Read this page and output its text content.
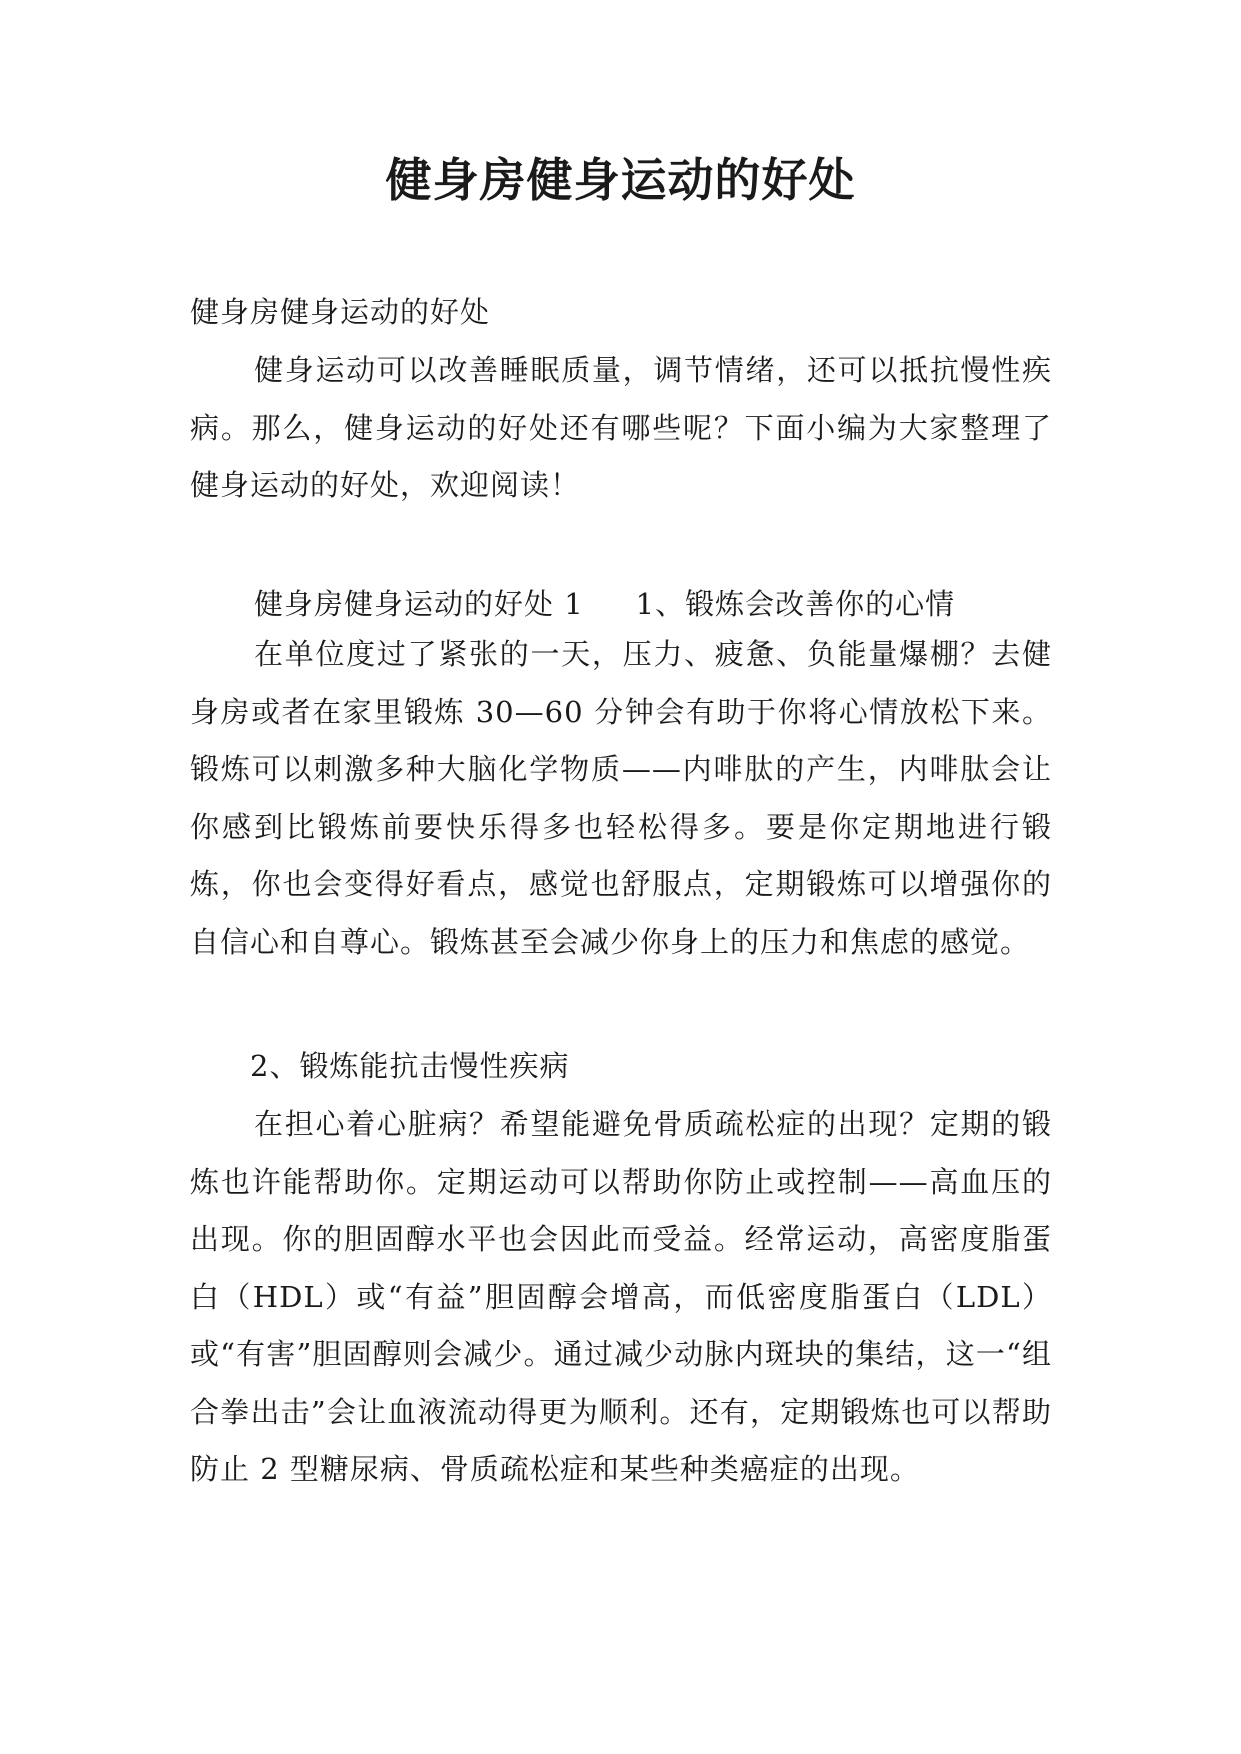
健身房健身运动的好处
健身房健身运动的好处

健身运动可以改善睡眠质量，调节情绪，还可以抵抗慢性疾病。那么，健身运动的好处还有哪些呢？下面小编为大家整理了健身运动的好处，欢迎阅读！

健身房健身运动的好处 1 1、锻炼会改善你的心情

在单位度过了紧张的一天，压力、疲惫、负能量爆棚？去健身房或者在家里锻炼 30—60 分钟会有助于你将心情放松下来。锻炼可以刺激多种大脑化学物质——内啡肽的产生，内啡肽会让你感到比锻炼前要快乐得多也轻松得多。要是你定期地进行锻炼，你也会变得好看点，感觉也舒服点，定期锻炼可以增强你的自信心和自尊心。锻炼甚至会减少你身上的压力和焦虑的感觉。

2、锻炼能抗击慢性疾病

在担心着心脏病？希望能避免骨质疏松症的出现？定期的锻炼也许能帮助你。定期运动可以帮助你防止或控制——高血压的出现。你的胆固醇水平也会因此而受益。经常运动，高密度脂蛋白（HDL）或“有益”胆固醇会增高，而低密度脂蛋白（LDL）或“有害”胆固醇则会减少。通过减少动脉内斑块的集结，这一“组合拳出击”会让血液流动得更为顺利。还有，定期锻炼也可以帮助防止 2 型糖尿病、骨质疏松症和某些种类癌症的出现。
